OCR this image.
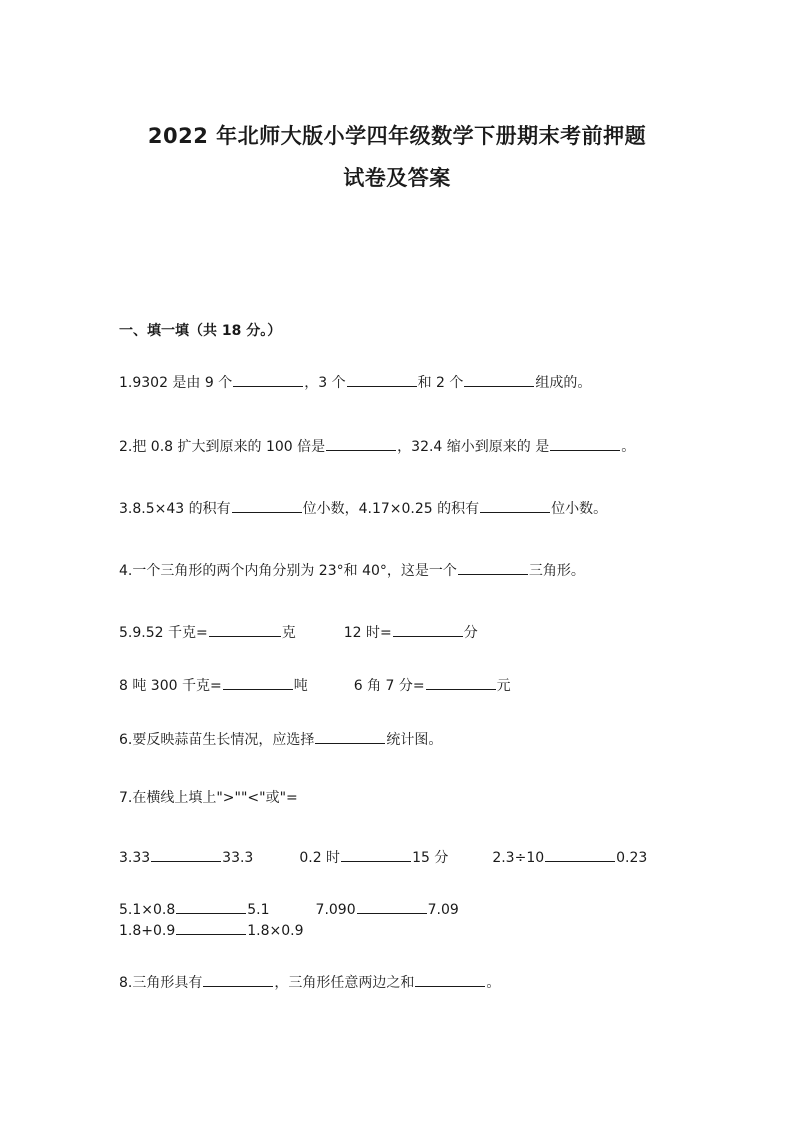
2022 年北师大版小学四年级数学下册期末考前押题
试卷及答案
一、填一填（共 18 分。）
1.9302 是由 9 个	，3 个	和 2 个	组成的。
2.把 0.8 扩大到原来的 100 倍是	，32.4 缩小到原来的 是	。
3.8.5×43 的积有	位小数，4.17×0.25 的积有	位小数。
4.一个三角形的两个内角分别为 23°和 40°，这是一个	三角形。
5.9.52 千克=	克	12 时=	分
8 吨 300 千克=	吨	6 角 7 分=	元
6.要反映蒜苗生长情况，应选择	统计图。
7.在横线上填上">""<"或"=
3.33	33.3	0.2 时	15 分	2.3÷10	0.23
5.1×0.8	5.1	7.090	7.09
1.8+0.9	1.8×0.9
8.三角形具有	，三角形任意两边之和	。
